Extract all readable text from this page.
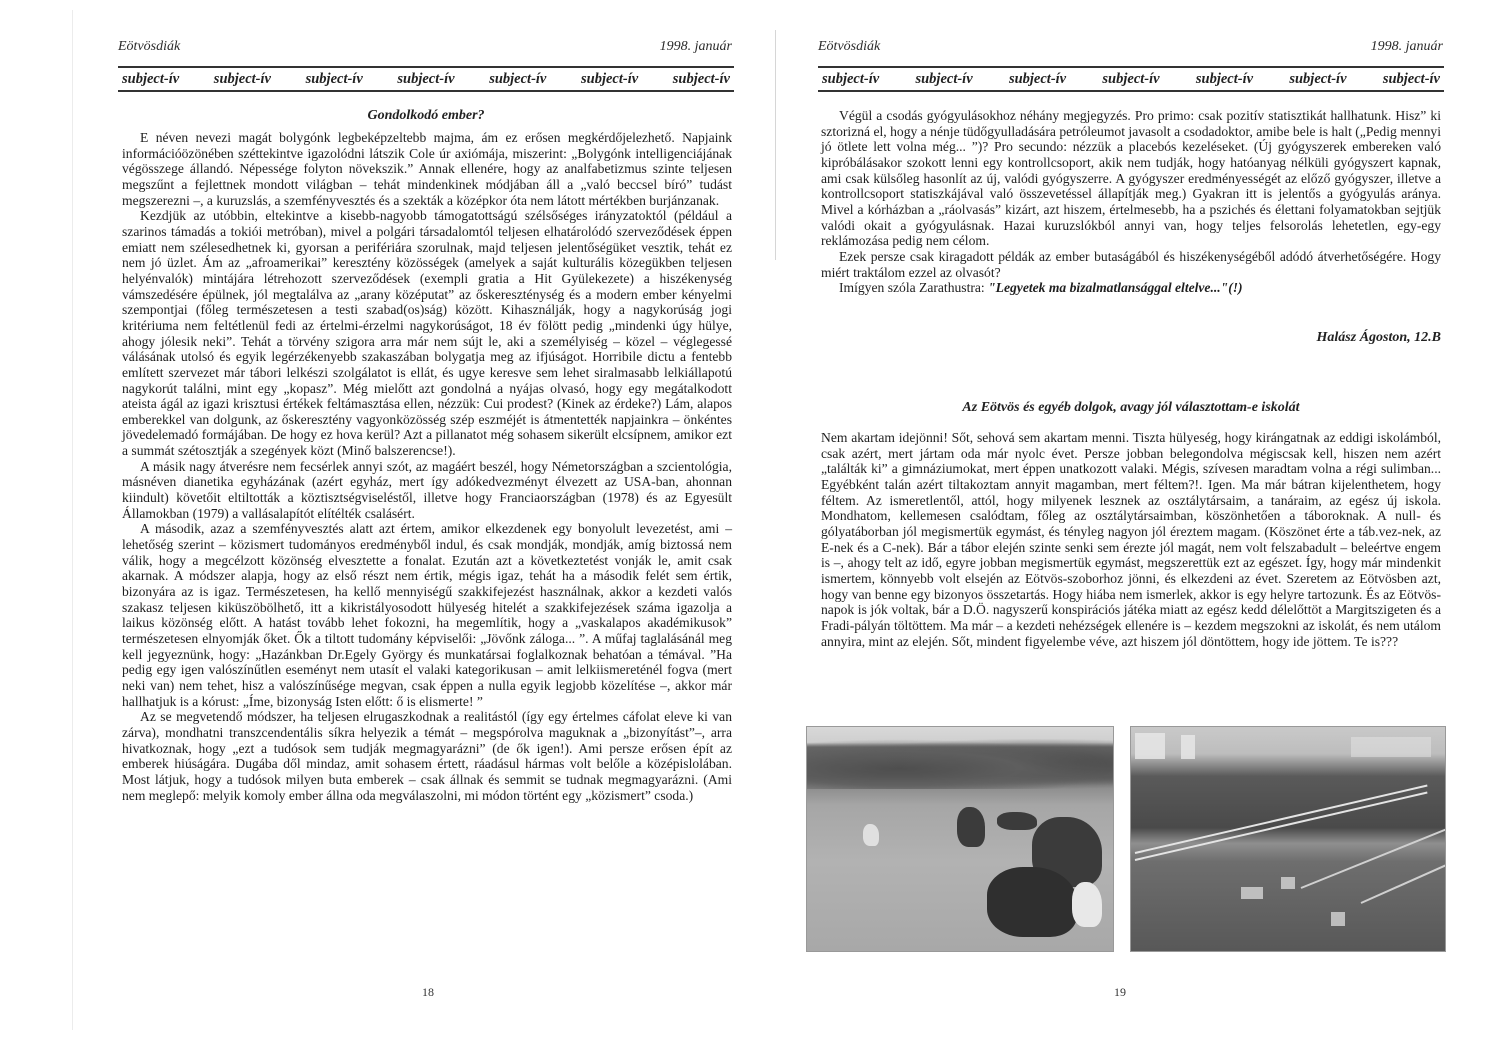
Eötvösdiák	1998. január
subject-ív subject-ív subject-ív subject-ív subject-ív subject-ív subject-ív
Gondolkodó ember?

E néven nevezi magát bolygónk legbeképzeltebb majma, ám ez erősen megkérdőjelezhető. Napjaink információözönében széttekintve igazolódni látszik Cole úr axiómája, miszerint: „Bolygónk intelligenciájának végösszege állandó. Népessége folyton növekszik.” Annak ellenére, hogy az analfabetizmus szinte teljesen megszűnt a fejlettnek mondott világban – tehát mindenkinek módjában áll a „való beccsel bíró” tudást megszerezni –, a kuruzslás, a szemfényvesztés és a szekták a középkor óta nem látott mértékben burjánzanak.

Kezdjük az utóbbin, eltekintve a kisebb-nagyobb támogatottságú szélsőséges irányzatoktól (például a szarinos támadás a tokiói metróban), mivel a polgári társadalomtól teljesen elhatárolódó szerveződések éppen emiatt nem szélesedhetnek ki, gyorsan a perifériára szorulnak, majd teljesen jelentőségüket vesztik, tehát ez nem jó üzlet. Ám az „afroamerikai” keresztény közösségek (amelyek a saját kulturális közegükben teljesen helyénvalók) mintájára létrehozott szerveződések (exempli gratia a Hit Gyülekezete) a hiszékenység vámszedésére épülnek, jól megtalálva az „arany középutat” az őskereszténység és a modern ember kényelmi szempontjai (főleg természetesen a testi szabad(os)ság) között. Kihasználják, hogy a nagykorúság jogi kritériuma nem feltétlenül fedi az értelmi-érzelmi nagykorúságot, 18 év fölött pedig „mindenki úgy hülye, ahogy jólesik neki”. Tehát a törvény szigora arra már nem sújt le, aki a személyiség – közel – véglegessé válásának utolsó és egyik legérzékenyebb szakaszában bolygatja meg az ifjúságot. Horribile dictu a fentebb említett szervezet már tábori lelkészi szolgálatot is ellát, és ugye keresve sem lehet siralmasabb lelkiállapotú nagykorút találni, mint egy „kopasz”. Még mielőtt azt gondolná a nyájas olvasó, hogy egy megátalkodott ateista ágál az igazi krisztusi értékek feltámasztása ellen, nézzük: Cui prodest? (Kinek az érdeke?) Lám, alapos emberekkel van dolgunk, az őskeresztény vagyonközösség szép eszméjét is átmentették napjainkra – önkéntes jövedelemadó formájában. De hogy ez hova kerül? Azt a pillanatot még sohasem sikerült elcsípnem, amikor ezt a summát szétosztják a szegények közt (Minő balszerencse!).

A másik nagy átverésre nem fecsérlek annyi szót, az magáért beszél, hogy Németországban a szcientológia, másnéven dianetika egyházának (azért egyház, mert így adókedvezményt élvezett az USA-ban, ahonnan kiindult) követőit eltiltották a köztisztségviseléstől, illetve hogy Franciaországban (1978) és az Egyesült Államokban (1979) a vallásalapítót elítélték csalásért.

A második, azaz a szemfényvesztés alatt azt értem, amikor elkezdenek egy bonyolult levezetést, ami – lehetőség szerint – közismert tudományos eredményből indul, és csak mondják, mondják, amíg biztossá nem válik, hogy a megcélzott közönség elvesztette a fonalat. Ezután azt a következtetést vonják le, amit csak akarnak. A módszer alapja, hogy az első részt nem értik, mégis igaz, tehát ha a második felét sem értik, bizonyára az is igaz. Természetesen, ha kellő mennyiségű szakkifejezést használnak, akkor a kezdeti valós szakasz teljesen kiküszöbölhető, itt a kikristályosodott hülyeség hitelét a szakkifejezések száma igazolja a laikus közönség előtt. A hatást tovább lehet fokozni, ha megemlítik, hogy a „vaskalapos akadémikusok” természetesen elnyomják őket. Ők a tiltott tudomány képviselői: „Jövőnk záloga... ”. A műfaj taglalásánál meg kell jegyeznünk, hogy: „Hazánkban Dr.Egely György és munkatársai foglalkoznak behatóan a témával. ”Ha pedig egy igen valószínűtlen eseményt nem utasít el valaki kategorikusan – amit lelkiismereténél fogva (mert neki van) nem tehet, hisz a valószínűsége megvan, csak éppen a nulla egyik legjobb közelítése –, akkor már hallhatjuk is a kórust: „Íme, bizonyság Isten előtt: ő is elismerte! ”

Az se megvetendő módszer, ha teljesen elrugaszkodnak a realitástól (így egy értelmes cáfolat eleve ki van zárva), mondhatni transzcendentális síkra helyezik a témát – megspórolva maguknak a „bizonyítást”–, arra hivatkoznak, hogy „ezt a tudósok sem tudják megmagyarázni” (de ők igen!). Ami persze erősen épít az emberek hiúságára. Dugába dől mindaz, amit sohasem értett, ráadásul hármas volt belőle a középislolában. Most látjuk, hogy a tudósok milyen buta emberek – csak állnak és semmit se tudnak megmagyarázni. (Ami nem meglepő: melyik komoly ember állna oda megválaszolni, mi módon történt egy „közismert” csoda.)

18
Eötvösdiák	1998. január
subject-ív	subject-ív	subject-ív	subject-ív	subject-ív	subject-ív	subject-ív

Végül a csodás gyógyulásokhoz néhány megjegyzés. Pro primo: csak pozitív statisztikát hallhatunk. Hisz” ki sztorizná el, hogy a nénje tüdőgyulladására petróleumot javasolt a csodadoktor, amibe bele is halt („Pedig mennyi jó ötlete lett volna még... ”)? Pro secundo: nézzük a placebós kezeléseket. (Új gyógyszerek embereken való kipróbálásakor szokott lenni egy kontrollcsoport, akik nem tudják, hogy hatóanyag nélküli gyógyszert kapnak, ami csak külsőleg hasonlít az új, valódi gyógyszerre. A gyógyszer eredményességét az előző gyógyszer, illetve a kontrollcsoport statiszkájával való összevetéssel állapítják meg.) Gyakran itt is jelentős a gyógyulás aránya. Mivel a kórházban a „ráolvasás” kizárt, azt hiszem, értelmesebb, ha a pszichés és élettani folyamatokban sejtjük valódi okait a gyógyulásnak. Hazai kuruzslókból annyi van, hogy teljes felsorolás lehetetlen, egy-egy reklámozása pedig nem célom.

Ezek persze csak kiragadott példák az ember butaságából és hiszékenységéből adódó átverhetőségére. Hogy miért traktálom ezzel az olvasót?

Imígyen szóla Zarathustra: "Legyetek ma bizalmatlansággal eltelve..."(!)

Halász Ágoston, 12.B
Az Eötvös és egyéb dolgok, avagy jól választottam-e iskolát

Nem akartam idejönni! Sőt, sehová sem akartam menni. Tiszta hülyeség, hogy kirángatnak az eddigi iskolámból, csak azért, mert jártam oda már nyolc évet. Persze jobban belegondolva mégiscsak kell, hiszen nem azért „találták ki” a gimnáziumokat, mert éppen unatkozott valaki. Mégis, szívesen maradtam volna a régi sulimban... Egyébként talán azért tiltakoztam annyit magamban, mert féltem?!. Igen. Ma már bátran kijelenthetem, hogy féltem. Az ismeretlentől, attól, hogy milyenek lesznek az osztálytársaim, a tanáraim, az egész új iskola. Mondhatom, kellemesen csalódtam, főleg az osztálytársaimban, köszönhetően a táboroknak. A null- és gólyatáborban jól megismertük egymást, és tényleg nagyon jól éreztem magam. (Köszönet érte a táb.vez-nek, az E-nek és a C-nek). Bár a tábor elején szinte senki sem érezte jól magát, nem volt felszabadult – beleértve engem is –, ahogy telt az idő, egyre jobban megismertük egymást, megszerettük ezt az egészet. Így, hogy már mindenkit ismertem, könnyebb volt elsején az Eötvös-szoborhoz jönni, és elkezdeni az évet. Szeretem az Eötvösben azt, hogy van benne egy bizonyos összetartás. Hogy hiába nem ismerlek, akkor is egy helyre tartozunk. És az Eötvös-napok is jók voltak, bár a D.Ö. nagyszerű konspirációs játéka miatt az egész kedd délelőttöt a Margitszigeten és a Fradi-pályán töltöttem. Ma már – a kezdeti nehézségek ellenére is – kezdem megszokni az iskolát, és nem utálom annyira, mint az elején. Sőt, mindent figyelembe véve, azt hiszem jól döntöttem, hogy ide jöttem. Te is???

19
